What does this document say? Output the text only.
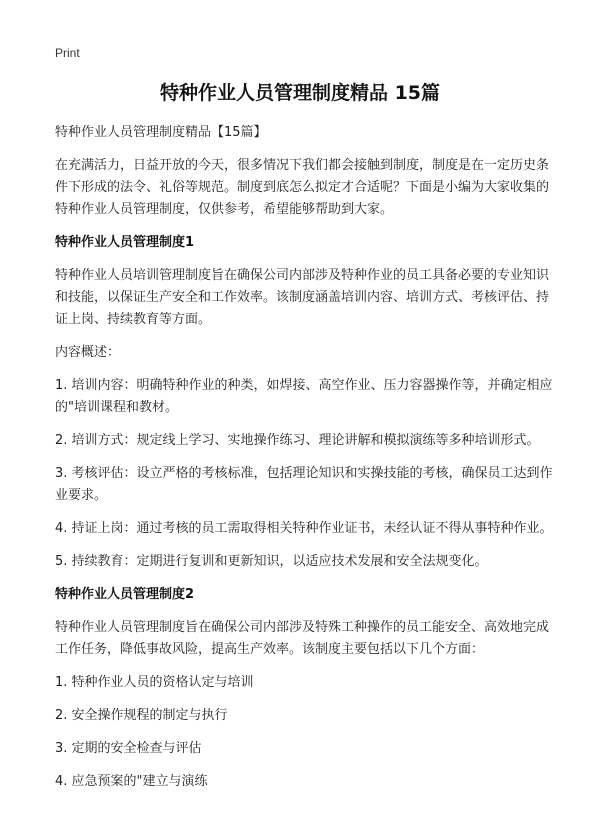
Print
特种作业人员管理制度精品 15篇

特种作业人员管理制度精品【15篇】

在充满活力，日益开放的今天，很多情况下我们都会接触到制度，制度是在一定历史条件下形成的法令、礼俗等规范。制度到底怎么拟定才合适呢？下面是小编为大家收集的特种作业人员管理制度，仅供参考，希望能够帮助到大家。

特种作业人员管理制度1

特种作业人员培训管理制度旨在确保公司内部涉及特种作业的员工具备必要的专业知识和技能，以保证生产安全和工作效率。该制度涵盖培训内容、培训方式、考核评估、持证上岗、持续教育等方面。

内容概述：

1. 培训内容：明确特种作业的种类，如焊接、高空作业、压力容器操作等，并确定相应的"培训课程和教材。

2. 培训方式：规定线上学习、实地操作练习、理论讲解和模拟演练等多种培训形式。

3. 考核评估：设立严格的考核标准，包括理论知识和实操技能的考核，确保员工达到作业要求。

4. 持证上岗：通过考核的员工需取得相关特种作业证书，未经认证不得从事特种作业。

5. 持续教育：定期进行复训和更新知识，以适应技术发展和安全法规变化。

特种作业人员管理制度2

特种作业人员管理制度旨在确保公司内部涉及特殊工种操作的员工能安全、高效地完成工作任务，降低事故风险，提高生产效率。该制度主要包括以下几个方面：

1. 特种作业人员的资格认定与培训

2. 安全操作规程的制定与执行

3. 定期的安全检查与评估

4. 应急预案的"建立与演练
